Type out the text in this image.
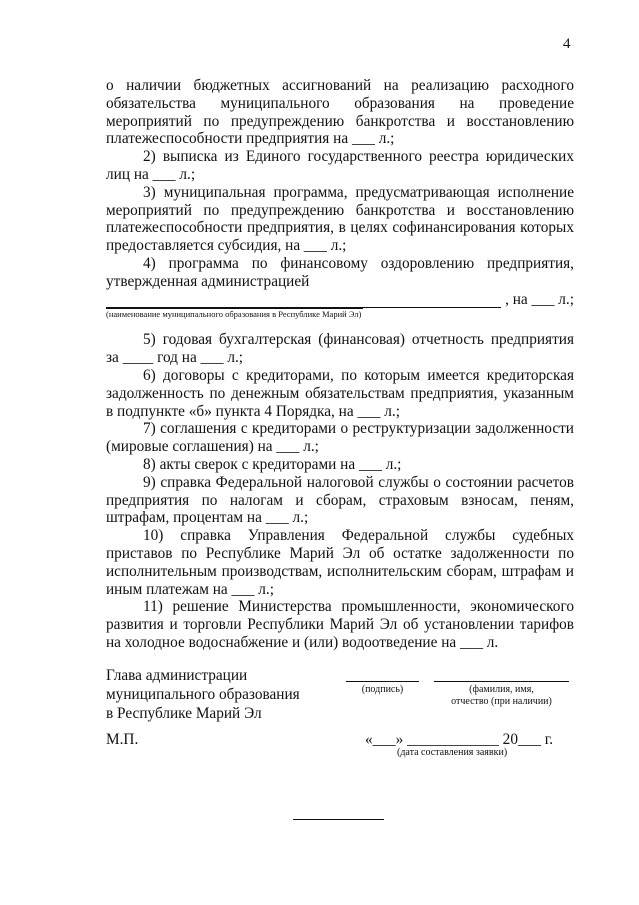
4

о наличии бюджетных ассигнований на реализацию расходного обязательства муниципального образования на проведение мероприятий по предупреждению банкротства и восстановлению платежеспособности предприятия на ___ л.;

2) выписка из Единого государственного реестра юридических лиц на ___ л.;

3) муниципальная программа, предусматривающая исполнение мероприятий по предупреждению банкротства и восстановлению платежеспособности предприятия, в целях софинансирования которых предоставляется субсидия, на ___ л.;

4) программа по финансовому оздоровлению предприятия, утвержденная администрацией

, на ___ л.;
(наименование муниципального образования в Республике Марий Эл)

5) годовая бухгалтерская (финансовая) отчетность предприятия за ____ год на ___ л.;

6) договоры с кредиторами, по которым имеется кредиторская задолженность по денежным обязательствам предприятия, указанным в подпункте «б» пункта 4 Порядка, на ___ л.;

7) соглашения с кредиторами о реструктуризации задолженности (мировые соглашения) на ___ л.;

8) акты сверок с кредиторами на ___ л.;

9) справка Федеральной налоговой службы о состоянии расчетов предприятия по налогам и сборам, страховым взносам, пеням, штрафам, процентам на ___ л.;

10) справка Управления Федеральной службы судебных приставов по Республике Марий Эл об остатке задолженности по исполнительным производствам, исполнительским сборам, штрафам и иным платежам на ___ л.;

11) решение Министерства промышленности, экономического развития и торговли Республики Марий Эл об установлении тарифов на холодное водоснабжение и (или) водоотведение на ___ л.

Глава администрации
муниципального образования
в Республике Марий Эл
(подпись)	(фамилия, имя,
отчество (при наличии)
М.П.	«___» ____________ 20___ г.
(дата составления заявки)
